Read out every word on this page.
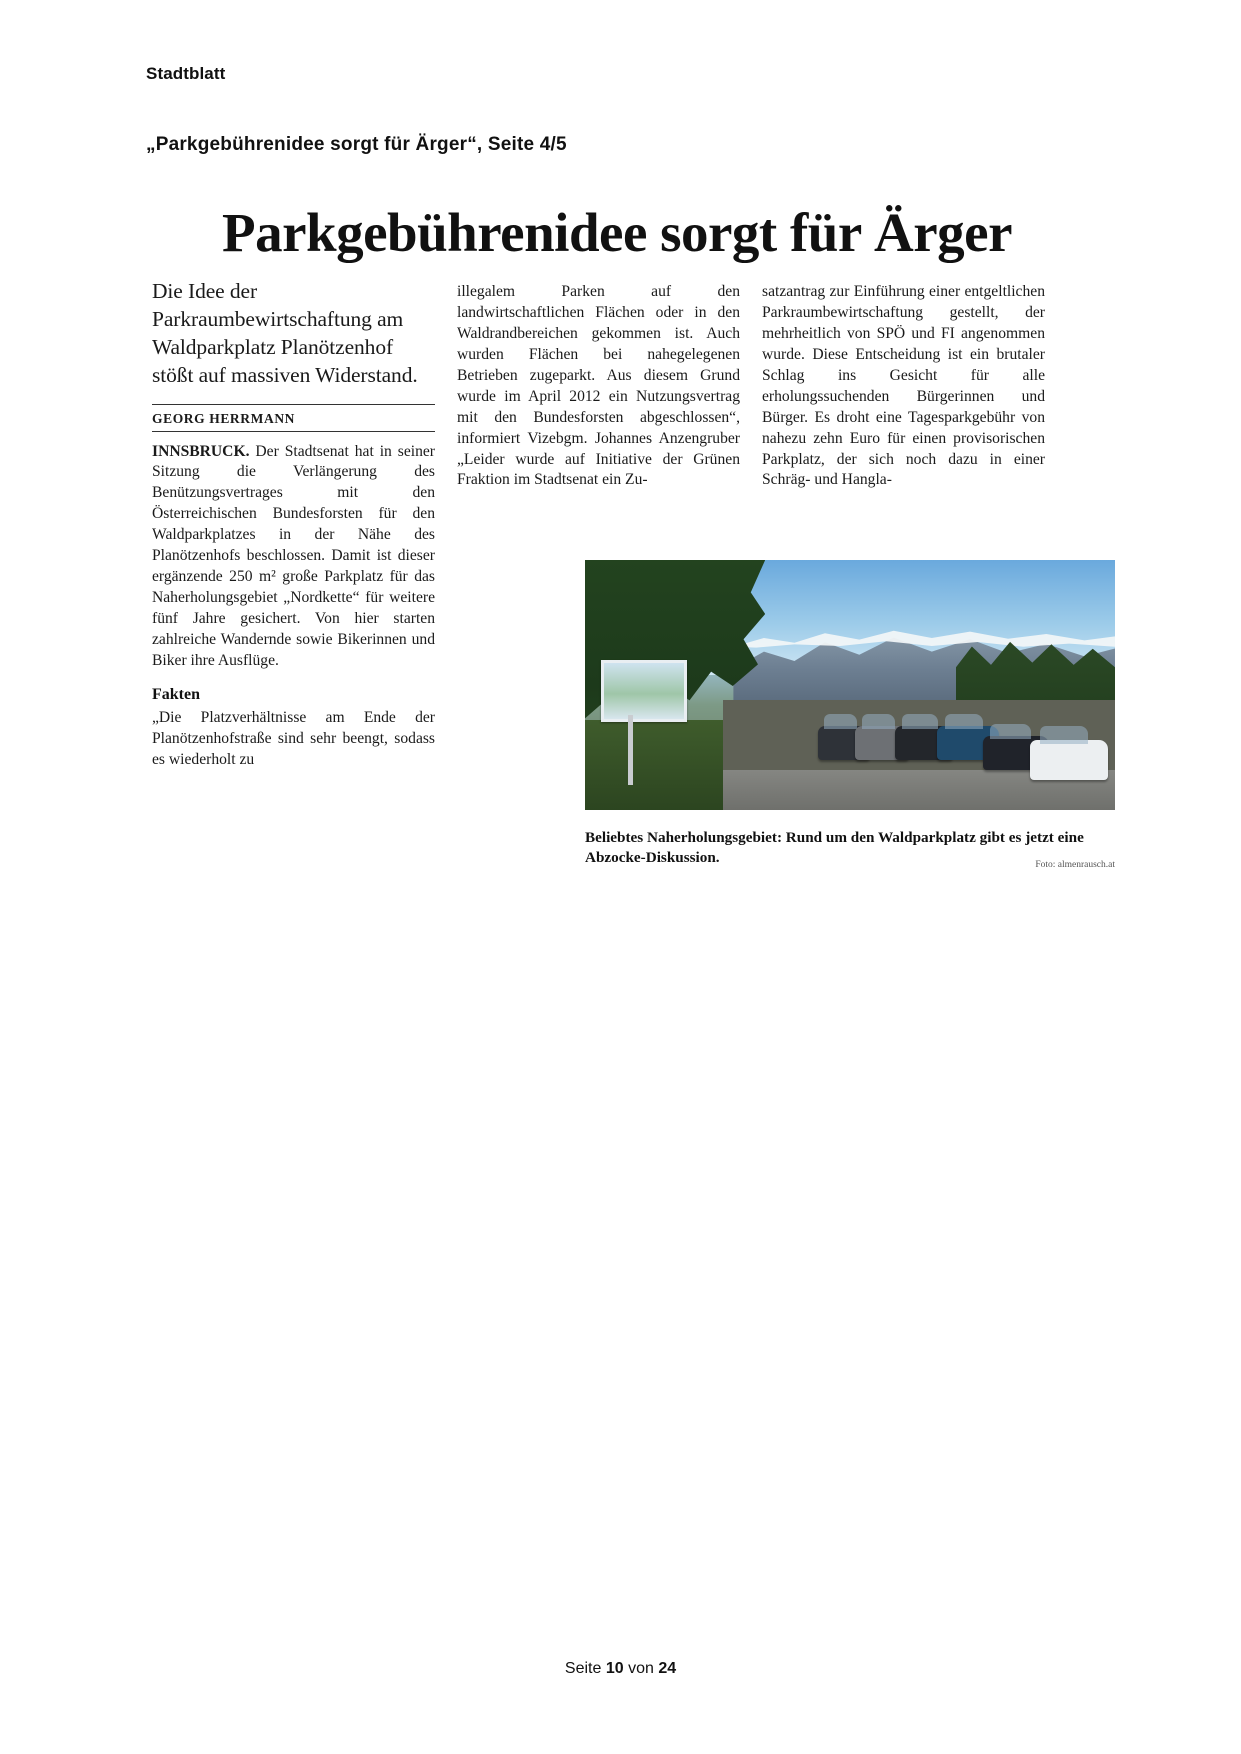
Stadtblatt
„Parkgebührenidee sorgt für Ärger“, Seite 4/5
Parkgebührenidee sorgt für Ärger

Die Idee der Parkraumbewirtschaftung am Waldparkplatz Planötzenhof stößt auf massiven Widerstand.

GEORG HERRMANN

INNSBRUCK. Der Stadtsenat hat in seiner Sitzung die Verlängerung des Benützungsvertrages mit den Österreichischen Bundesforsten für den Waldparkplatzes in der Nähe des Planötzenhofs beschlossen. Damit ist dieser ergänzende 250 m² große Parkplatz für das Naherholungsgebiet „Nordkette“ für weitere fünf Jahre gesichert. Von hier starten zahlreiche Wandernde sowie Bikerinnen und Biker ihre Ausflüge.

Fakten

„Die Platzverhältnisse am Ende der Planötzenhofstraße sind sehr beengt, sodass es wiederholt zu

illegalem Parken auf den landwirtschaftlichen Flächen oder in den Waldrandbereichen gekommen ist. Auch wurden Flächen bei nahegelegenen Betrieben zugeparkt. Aus diesem Grund wurde im April 2012 ein Nutzungsvertrag mit den Bundesforsten abgeschlossen“, informiert Vizebgm. Johannes Anzengruber „Leider wurde auf Initiative der Grünen Fraktion im Stadtsenat ein Zu-

satzantrag zur Einführung einer entgeltlichen Parkraumbewirtschaftung gestellt, der mehrheitlich von SPÖ und FI angenommen wurde. Diese Entscheidung ist ein brutaler Schlag ins Gesicht für alle erholungssuchenden Bürgerinnen und Bürger. Es droht eine Tagesparkgebühr von nahezu zehn Euro für einen provisorischen Parkplatz, der sich noch dazu in einer Schräg- und Hangla-

Beliebtes Naherholungsgebiet: Rund um den Waldparkplatz gibt es jetzt eine Abzocke-Diskussion.	Foto: almenrausch.at
Seite 10 von 24
